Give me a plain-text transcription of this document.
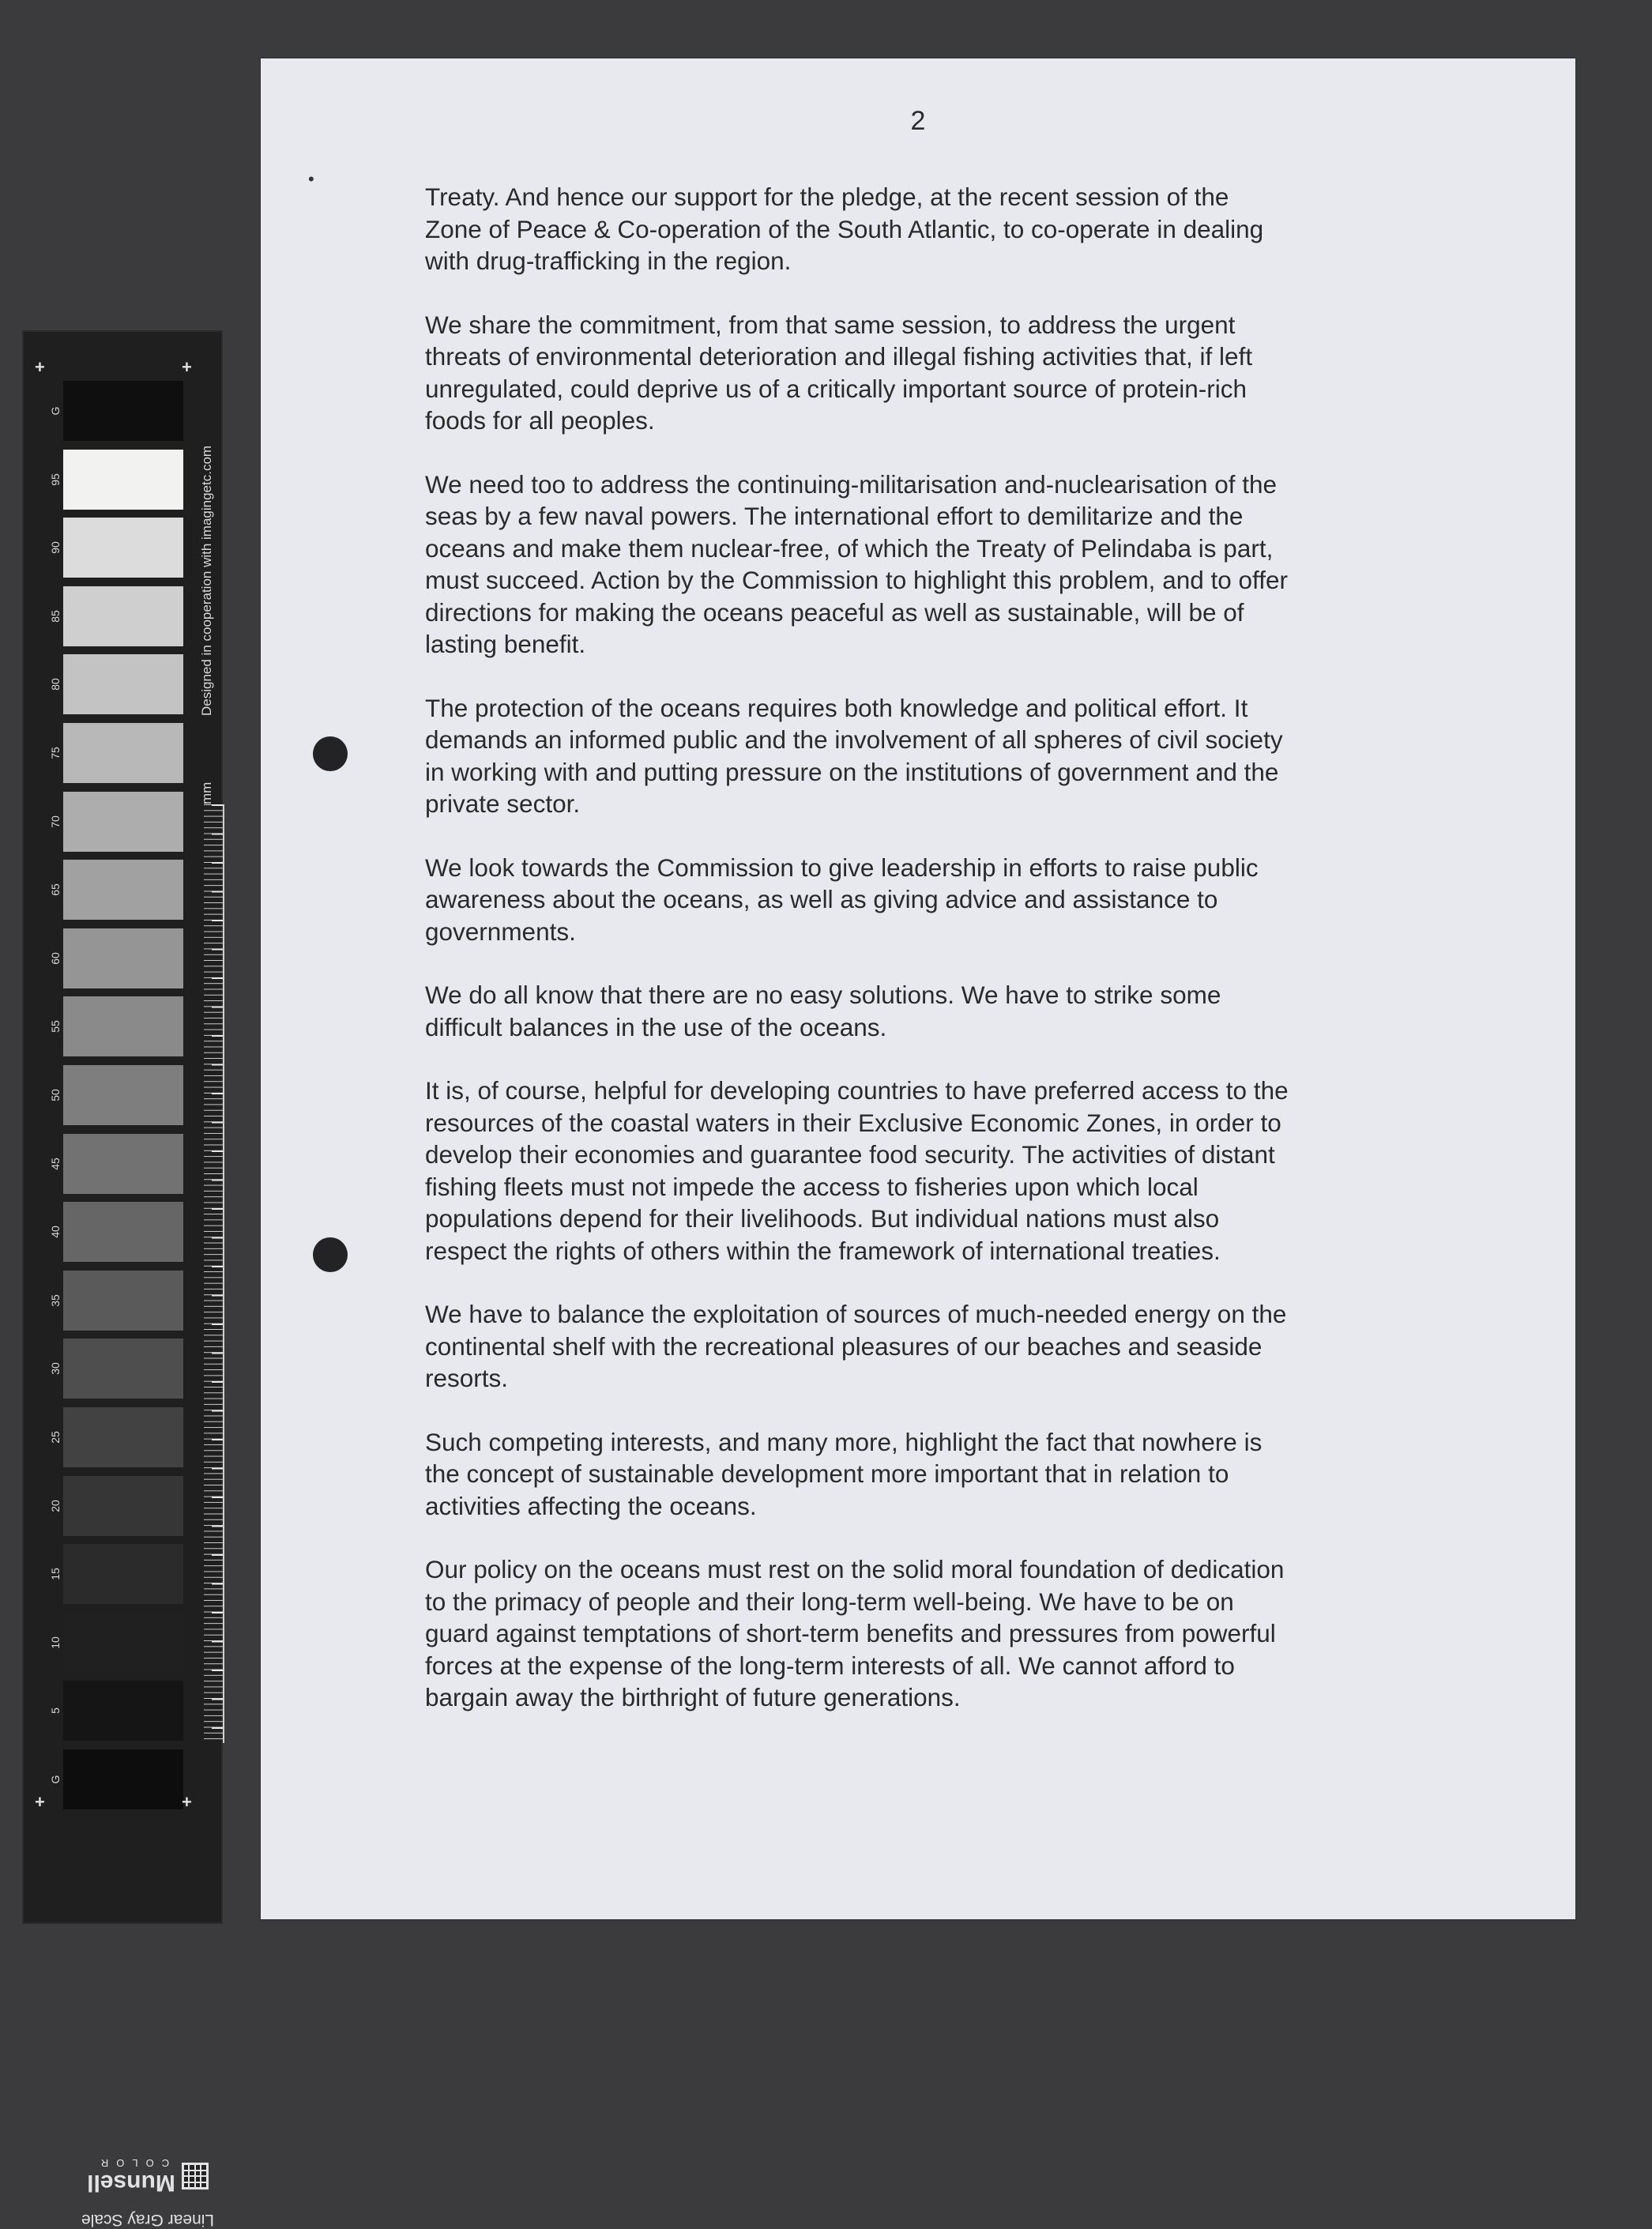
2
•

Treaty. And hence our support for the pledge, at the recent session of the
Zone of Peace & Co-operation of the South Atlantic, to co-operate in dealing
with drug-trafficking in the region.

We share the commitment, from that same session, to address the urgent
threats of environmental deterioration and illegal fishing activities that, if left
unregulated, could deprive us of a critically important source of protein-rich
foods for all peoples.

We need too to address the continuing-militarisation and-nuclearisation of the
seas by a few naval powers. The international effort to demilitarize and the
oceans and make them nuclear-free, of which the Treaty of Pelindaba is part,
must succeed. Action by the Commission to highlight this problem, and to offer
directions for making the oceans peaceful as well as sustainable, will be of
lasting benefit.

The protection of the oceans requires both knowledge and political effort. It
demands an informed public and the involvement of all spheres of civil society
in working with and putting pressure on the institutions of government and the
private sector.

We look towards the Commission to give leadership in efforts to raise public
awareness about the oceans, as well as giving advice and assistance to
governments.

We do all know that there are no easy solutions. We have to strike some
difficult balances in the use of the oceans.

It is, of course, helpful for developing countries to have preferred access to the
resources of the coastal waters in their Exclusive Economic Zones, in order to
develop their economies and guarantee food security. The activities of distant
fishing fleets must not impede the access to fisheries upon which local
populations depend for their livelihoods. But individual nations must also
respect the rights of others within the framework of international treaties.

We have to balance the exploitation of sources of much-needed energy on the
continental shelf with the recreational pleasures of our beaches and seaside
resorts.

Such competing interests, and many more, highlight the fact that nowhere is
the concept of sustainable development more important that in relation to
activities affecting the oceans.

Our policy on the oceans must rest on the solid moral foundation of dedication
to the primacy of people and their long-term well-being. We have to be on
guard against temptations of short-term benefits and pressures from powerful
forces at the expense of the long-term interests of all. We cannot afford to
bargain away the birthright of future generations.

+	+
G
95
90
85
80
75
70
65
60
55
50
45
40
35
30
25
20
15
10
5
G
+	+
Designed in cooperation with imagingetc.com
mm
Linear Gray Scale
Munsell
COLOR
